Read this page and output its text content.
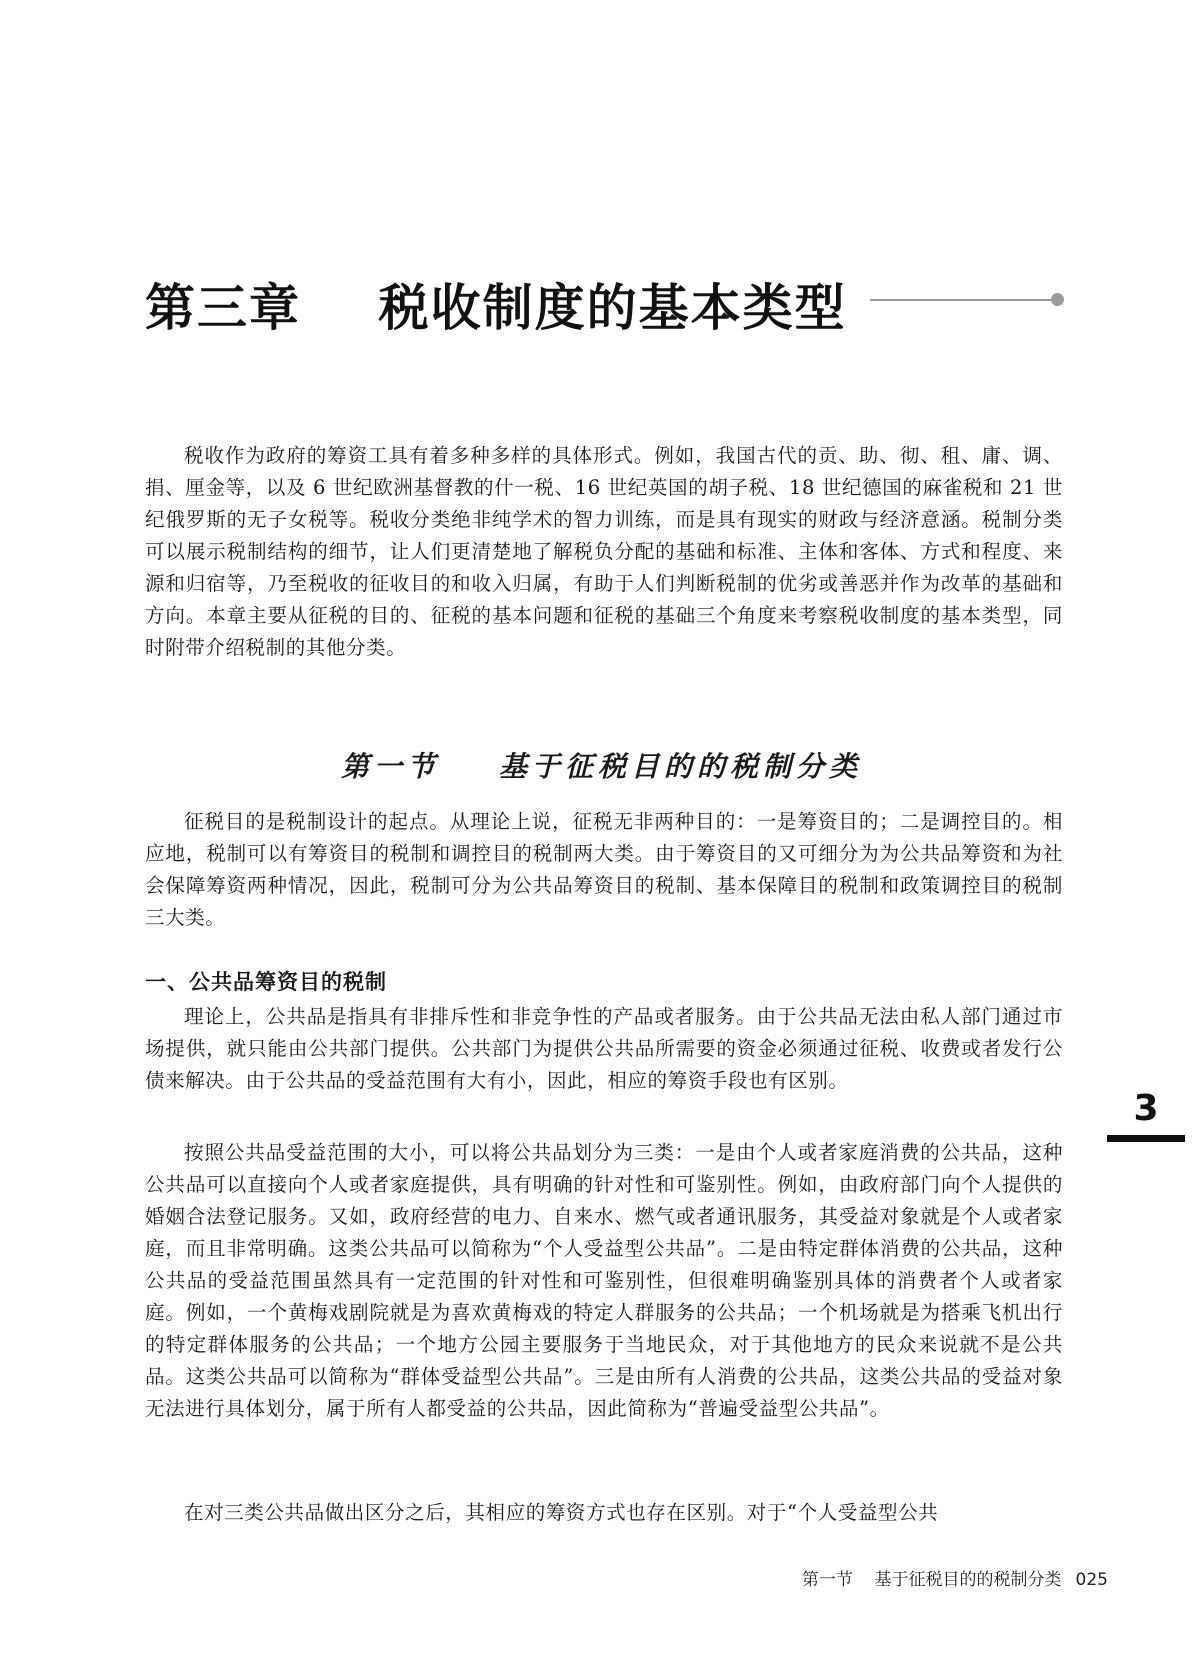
第三章    税收制度的基本类型

税收作为政府的筹资工具有着多种多样的具体形式。例如，我国古代的贡、助、彻、租、庸、调、捐、厘金等，以及 6 世纪欧洲基督教的什一税、16 世纪英国的胡子税、18 世纪德国的麻雀税和 21 世纪俄罗斯的无子女税等。税收分类绝非纯学术的智力训练，而是具有现实的财政与经济意涵。税制分类可以展示税制结构的细节，让人们更清楚地了解税负分配的基础和标准、主体和客体、方式和程度、来源和归宿等，乃至税收的征收目的和收入归属，有助于人们判断税制的优劣或善恶并作为改革的基础和方向。本章主要从征税的目的、征税的基本问题和征税的基础三个角度来考察税收制度的基本类型，同时附带介绍税制的其他分类。

第一节    基于征税目的的税制分类

征税目的是税制设计的起点。从理论上说，征税无非两种目的：一是筹资目的；二是调控目的。相应地，税制可以有筹资目的税制和调控目的税制两大类。由于筹资目的又可细分为为公共品筹资和为社会保障筹资两种情况，因此，税制可分为公共品筹资目的税制、基本保障目的税制和政策调控目的税制三大类。

一、公共品筹资目的税制

理论上，公共品是指具有非排斥性和非竞争性的产品或者服务。由于公共品无法由私人部门通过市场提供，就只能由公共部门提供。公共部门为提供公共品所需要的资金必须通过征税、收费或者发行公债来解决。由于公共品的受益范围有大有小，因此，相应的筹资手段也有区别。

按照公共品受益范围的大小，可以将公共品划分为三类：一是由个人或者家庭消费的公共品，这种公共品可以直接向个人或者家庭提供，具有明确的针对性和可鉴别性。例如，由政府部门向个人提供的婚姻合法登记服务。又如，政府经营的电力、自来水、燃气或者通讯服务，其受益对象就是个人或者家庭，而且非常明确。这类公共品可以简称为“个人受益型公共品”。二是由特定群体消费的公共品，这种公共品的受益范围虽然具有一定范围的针对性和可鉴别性，但很难明确鉴别具体的消费者个人或者家庭。例如，一个黄梅戏剧院就是为喜欢黄梅戏的特定人群服务的公共品；一个机场就是为搭乘飞机出行的特定群体服务的公共品；一个地方公园主要服务于当地民众，对于其他地方的民众来说就不是公共品。这类公共品可以简称为“群体受益型公共品”。三是由所有人消费的公共品，这类公共品的受益对象无法进行具体划分，属于所有人都受益的公共品，因此简称为“普遍受益型公共品”。

在对三类公共品做出区分之后，其相应的筹资方式也存在区别。对于“个人受益型公共

3
第一节    基于征税目的的税制分类 025
